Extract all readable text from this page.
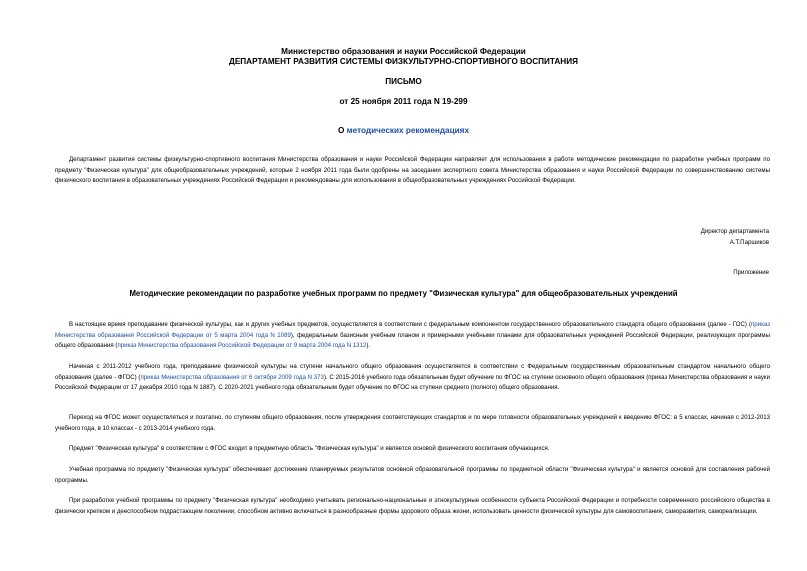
Министерство образования и науки Российской Федерации
ДЕПАРТАМЕНТ РАЗВИТИЯ СИСТЕМЫ ФИЗКУЛЬТУРНО-СПОРТИВНОГО ВОСПИТАНИЯ
ПИСЬМО
от 25 ноября 2011 года N 19-299
О методических рекомендациях
Департамент развития системы физкультурно-спортивного воспитания Министерства образования и науки Российской Федерации направляет для использования в работе методические рекомендации по разработке учебных программ по предмету "Физическая культура" для общеобразовательных учреждений, которые 2 ноября 2011 года были одобрены на заседании экспертного совета Министерства образования и науки Российской Федерации по совершенствованию системы физического воспитания в образовательных учреждениях Российской Федерации и рекомендованы для использования в общеобразовательных учреждениях Российской Федерации.
Директор департамента
А.Т.Паршиков
Приложение
Методические рекомендации по разработке учебных программ по предмету "Физическая культура" для общеобразовательных учреждений
В настоящее время преподавание физической культуры, как и других учебных предметов, осуществляется в соответствии с федеральным компонентом государственного образовательного стандарта общего образования (далее - ГОС) (приказ Министерства образования Российской Федерации от 5 марта 2004 года N 1089), федеральным базисным учебным планом и примерными учебными планами для образовательных учреждений Российской Федерации, реализующих программы общего образования (приказ Министерства образования Российской Федерации от 9 марта 2004 года N 1312).
Начиная с 2011-2012 учебного года, преподавание физической культуры на ступени начального общего образования осуществляется в соответствии с Федеральным государственным образовательным стандартом начального общего образования (далее - ФГОС) (приказ Министерства образования от 6 октября 2009 года N 373). С 2015-2016 учебного года обязательным будет обучение по ФГОС на ступени основного общего образования (приказ Министерства образования и науки Российской Федерации от 17 декабря 2010 года N 1887). С 2020-2021 учебного года обязательным будет обучение по ФГОС на ступени среднего (полного) общего образования.
Переход на ФГОС может осуществляться и поэтапно, по ступеням общего образования, после утверждения соответствующих стандартов и по мере готовности образовательных учреждений к введению ФГОС: в 5 классах, начиная с 2012-2013 учебного года, в 10 классах - с 2013-2014 учебного года.
Предмет "Физическая культура" в соответствии с ФГОС входит в предметную область "Физическая культура" и является основой физического воспитания обучающихся.
Учебная программа по предмету "Физическая культура" обеспечивает достижение планируемых результатов основной образовательной программы по предметной области "Физическая культура" и является основой для составления рабочей программы.
При разработке учебной программы по предмету "Физическая культура" необходимо учитывать регионально-национальные и этнокультурные особенности субъекта Российской Федерации и потребности современного российского общества в физически крепком и дееспособном подрастающем поколении, способном активно включаться в разнообразные формы здорового образа жизни, использовать ценности физической культуры для самовоспитания, саморазвития, самореализации.
